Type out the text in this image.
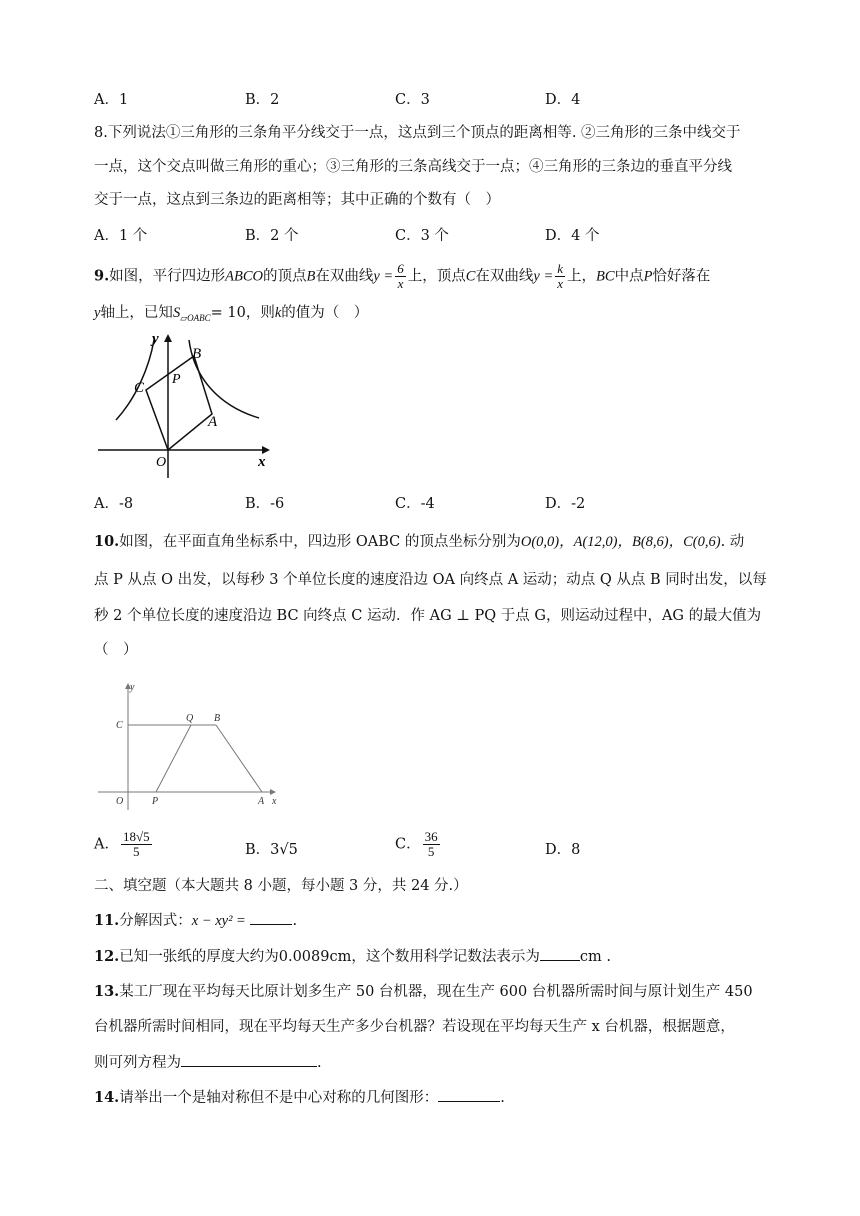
A．1	B．2	C．3	D．4
8.下列说法①三角形的三条角平分线交于一点，这点到三个顶点的距离相等. ②三角形的三条中线交于
一点，这个交点叫做三角形的重心；③三角形的三条高线交于一点；④三角形的三条边的垂直平分线
交于一点，这点到三条边的距离相等；其中正确的个数有（　）
A．1 个	B．2 个	C．3 个	D．4 个
9.如图，平行四边形ABCO的顶点B在双曲线$y = \frac{6}{x}$ 上，顶点C在双曲线$y = \frac{k}{x}$ 上，BC中点P恰好落在
y轴上，已知$S_{▱OABC}= 10$，则k的值为（　）
y
x
B
C
P
A
O
A．-8	B．-6	C．-4	D．-2
10.如图，在平面直角坐标系中，四边形 OABC 的顶点坐标分别为O(0,0)，A(12,0)，B(8,6)，C(0,6). 动
点 P 从点 O 出发，以每秒 3 个单位长度的速度沿边 OA 向终点 A 运动；动点 Q 从点 B 同时出发，以每
秒 2 个单位长度的速度沿边 BC 向终点 C 运动．作 AG ⊥ PQ 于点 G，则运动过程中，AG 的最大值为
（　）
y
x
C
Q B
O	P	A
A． $\frac{18√5}{5}$	B．3√5	C． $\frac{36}{5}$	D．8
二、填空题（本大题共 8 小题，每小题 3 分，共 24 分.）
11.分解因式：x − xy² =	.
12.已知一张纸的厚度大约为0.0089cm，这个数用科学记数法表示为	cm .
13.某工厂现在平均每天比原计划多生产 50 台机器，现在生产 600 台机器所需时间与原计划生产 450
台机器所需时间相同，现在平均每天生产多少台机器？若设现在平均每天生产 x 台机器，根据题意，
则可列方程为	.
14.请举出一个是轴对称但不是中心对称的几何图形：	.
